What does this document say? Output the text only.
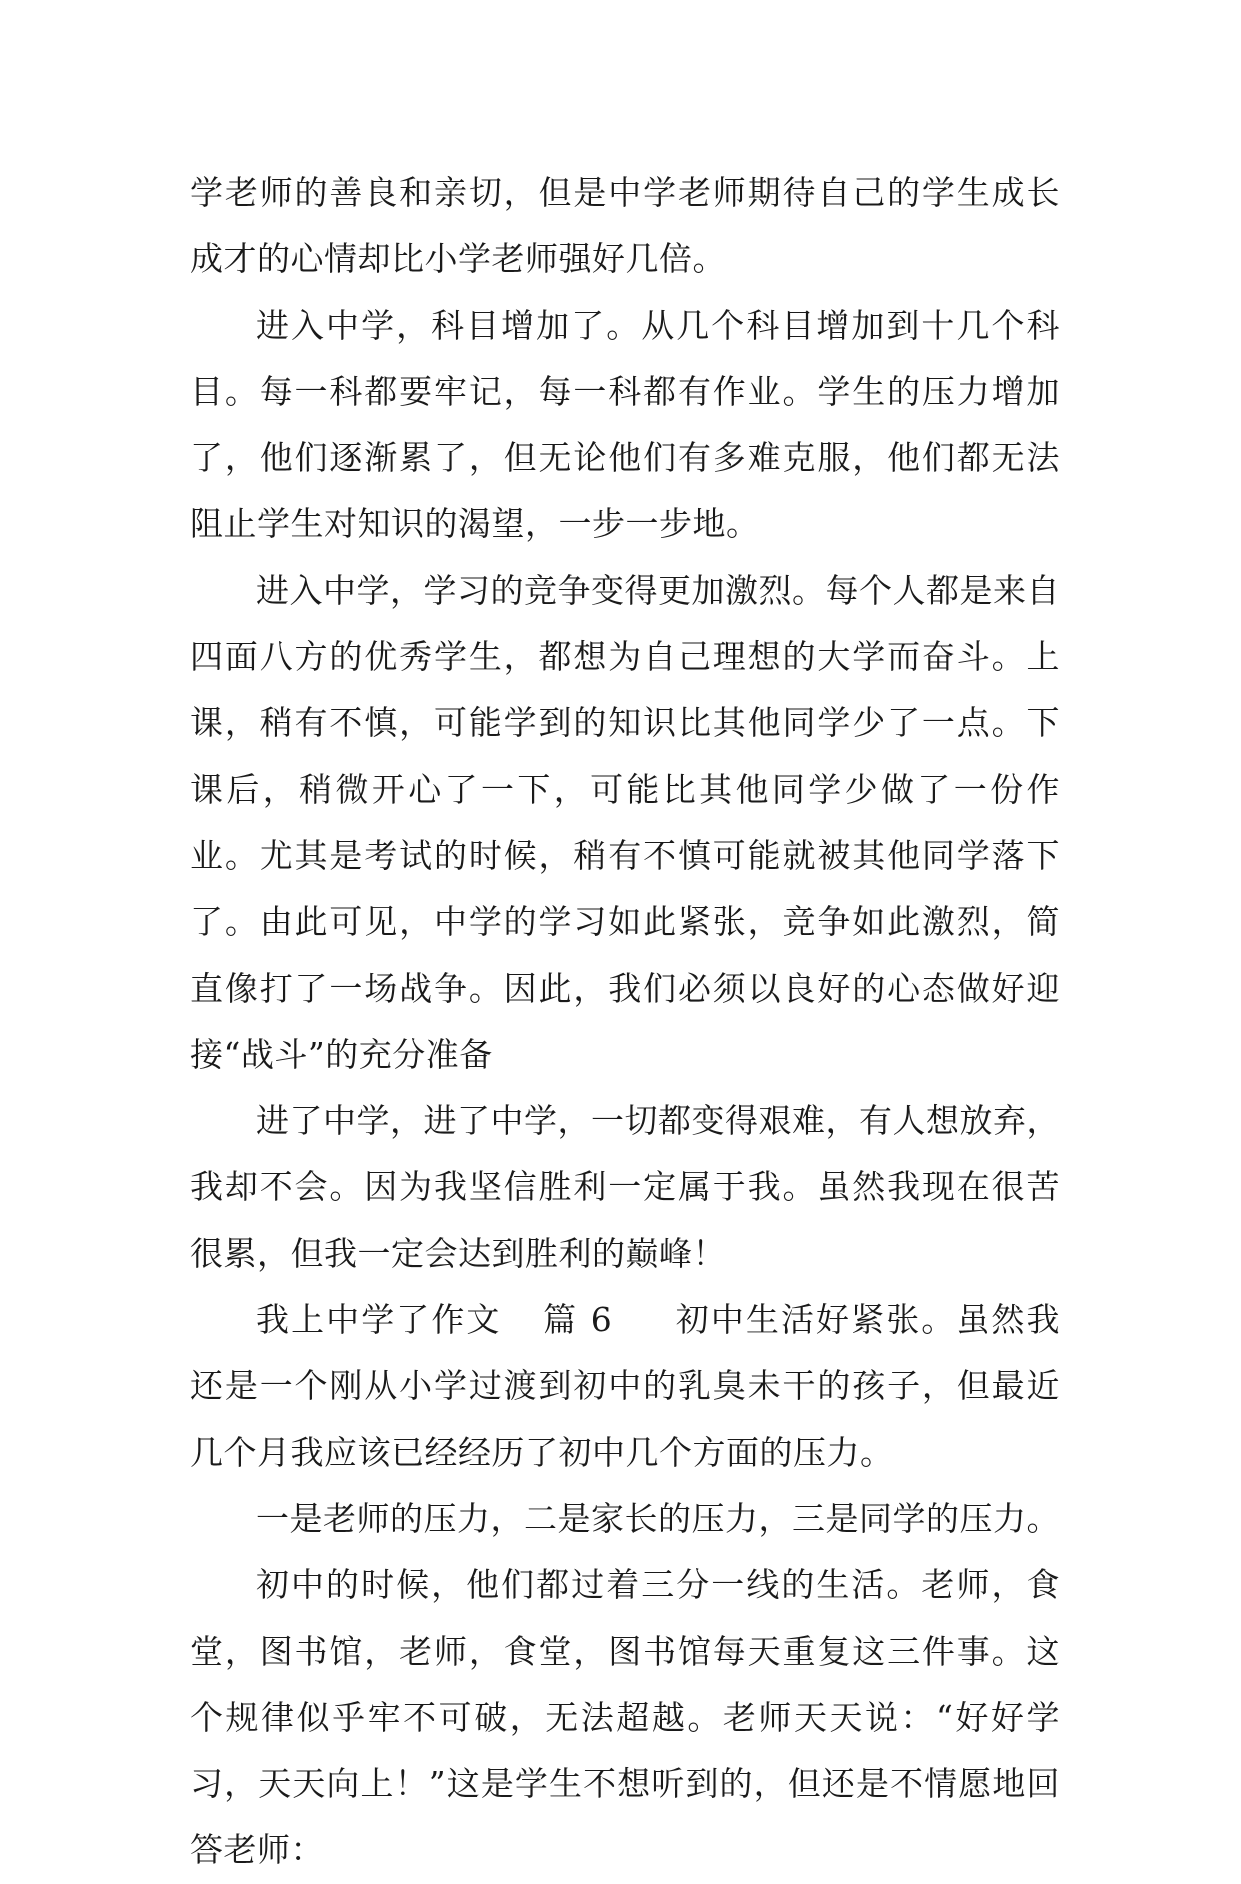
学老师的善良和亲切，但是中学老师期待自己的学生成长成才的心情却比小学老师强好几倍。

进入中学，科目增加了。从几个科目增加到十几个科目。每一科都要牢记，每一科都有作业。学生的压力增加了，他们逐渐累了，但无论他们有多难克服，他们都无法阻止学生对知识的渴望，一步一步地。

进入中学，学习的竞争变得更加激烈。每个人都是来自四面八方的优秀学生，都想为自己理想的大学而奋斗。上课，稍有不慎，可能学到的知识比其他同学少了一点。下课后，稍微开心了一下，可能比其他同学少做了一份作业。尤其是考试的时候，稍有不慎可能就被其他同学落下了。由此可见，中学的学习如此紧张，竞争如此激烈，简直像打了一场战争。因此，我们必须以良好的心态做好迎接“战斗”的充分准备

进了中学，进了中学，一切都变得艰难，有人想放弃，我却不会。因为我坚信胜利一定属于我。虽然我现在很苦很累，但我一定会达到胜利的巅峰！

我上中学了作文 篇 6 初中生活好紧张。虽然我还是一个刚从小学过渡到初中的乳臭未干的孩子，但最近几个月我应该已经经历了初中几个方面的压力。

一是老师的压力，二是家长的压力，三是同学的压力。

初中的时候，他们都过着三分一线的生活。老师，食堂，图书馆，老师，食堂，图书馆每天重复这三件事。这个规律似乎牢不可破，无法超越。老师天天说：“好好学习，天天向上！”这是学生不想听到的，但还是不情愿地回答老师：
